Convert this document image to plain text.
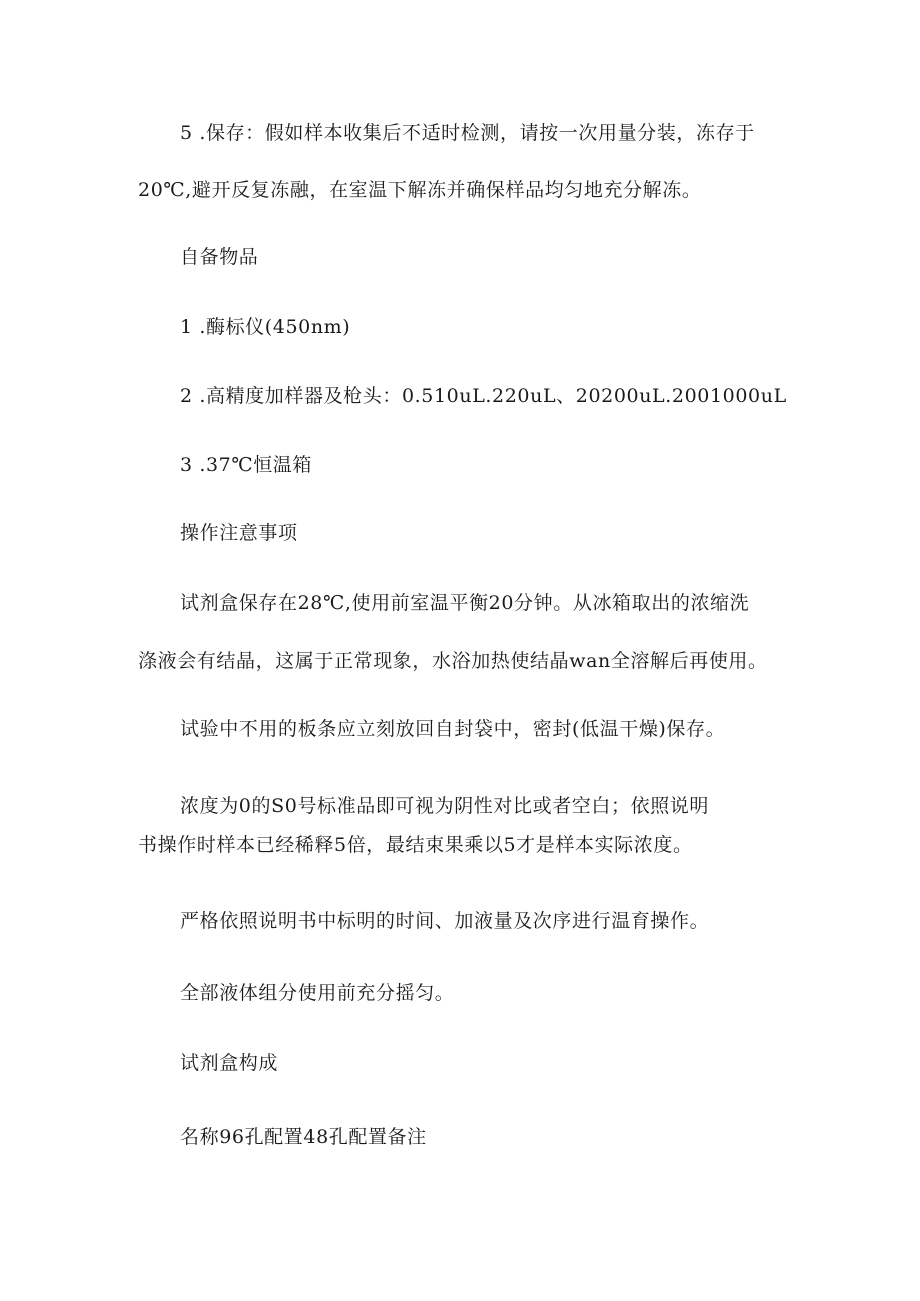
5 .保存：假如样本收集后不适时检测，请按一次用量分装，冻存于
20℃,避开反复冻融，在室温下解冻并确保样品均匀地充分解冻。
自备物品
1 .酶标仪(450nm)
2 .高精度加样器及枪头：0.510uL.220uL、20200uL.2001000uL
3 .37℃恒温箱
操作注意事项
试剂盒保存在28℃,使用前室温平衡20分钟。从冰箱取出的浓缩洗
涤液会有结晶，这属于正常现象，水浴加热使结晶wan全溶解后再使用。
试验中不用的板条应立刻放回自封袋中，密封(低温干燥)保存。
浓度为0的S0号标准品即可视为阴性对比或者空白；依照说明
书操作时样本已经稀释5倍，最结束果乘以5才是样本实际浓度。
严格依照说明书中标明的时间、加液量及次序进行温育操作。
全部液体组分使用前充分摇匀。
试剂盒构成
名称96孔配置48孔配置备注
